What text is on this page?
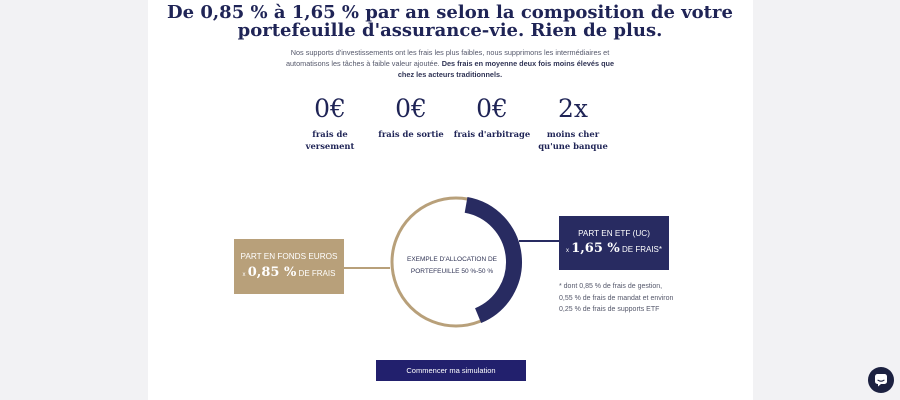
De 0,85 % à 1,65 % par an selon la composition de votre
portefeuille d'assurance-vie. Rien de plus.

Nos supports d'investissements ont les frais les plus faibles, nous supprimons les intermédiaires et automatisons les tâches à faible valeur ajoutée. Des frais en moyenne deux fois moins élevés que chez les acteurs traditionnels.

0€
frais de
versement
0€
frais de sortie
0€
frais d'arbitrage
2x
moins cher
qu'une banque
EXEMPLE D'ALLOCATION DE
PORTEFEUILLE 50 %-50 %
PART EN FONDS EUROS
x 0,85 % DE FRAIS
PART EN ETF (UC)
x 1,65 % DE FRAIS*
* dont 0,85 % de frais de gestion,
0,55 % de frais de mandat et environ
0,25 % de frais de supports ETF
Commencer ma simulation
